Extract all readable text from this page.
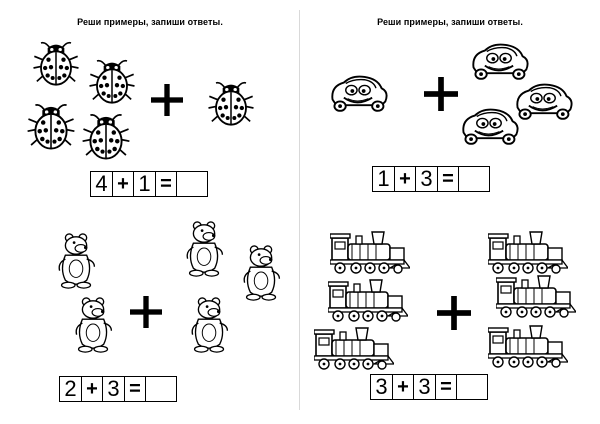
Реши примеры, запиши ответы.
4 + 1 =
2 + 3 =
Реши примеры, запиши ответы.
1 + 3 =
3 + 3 =
